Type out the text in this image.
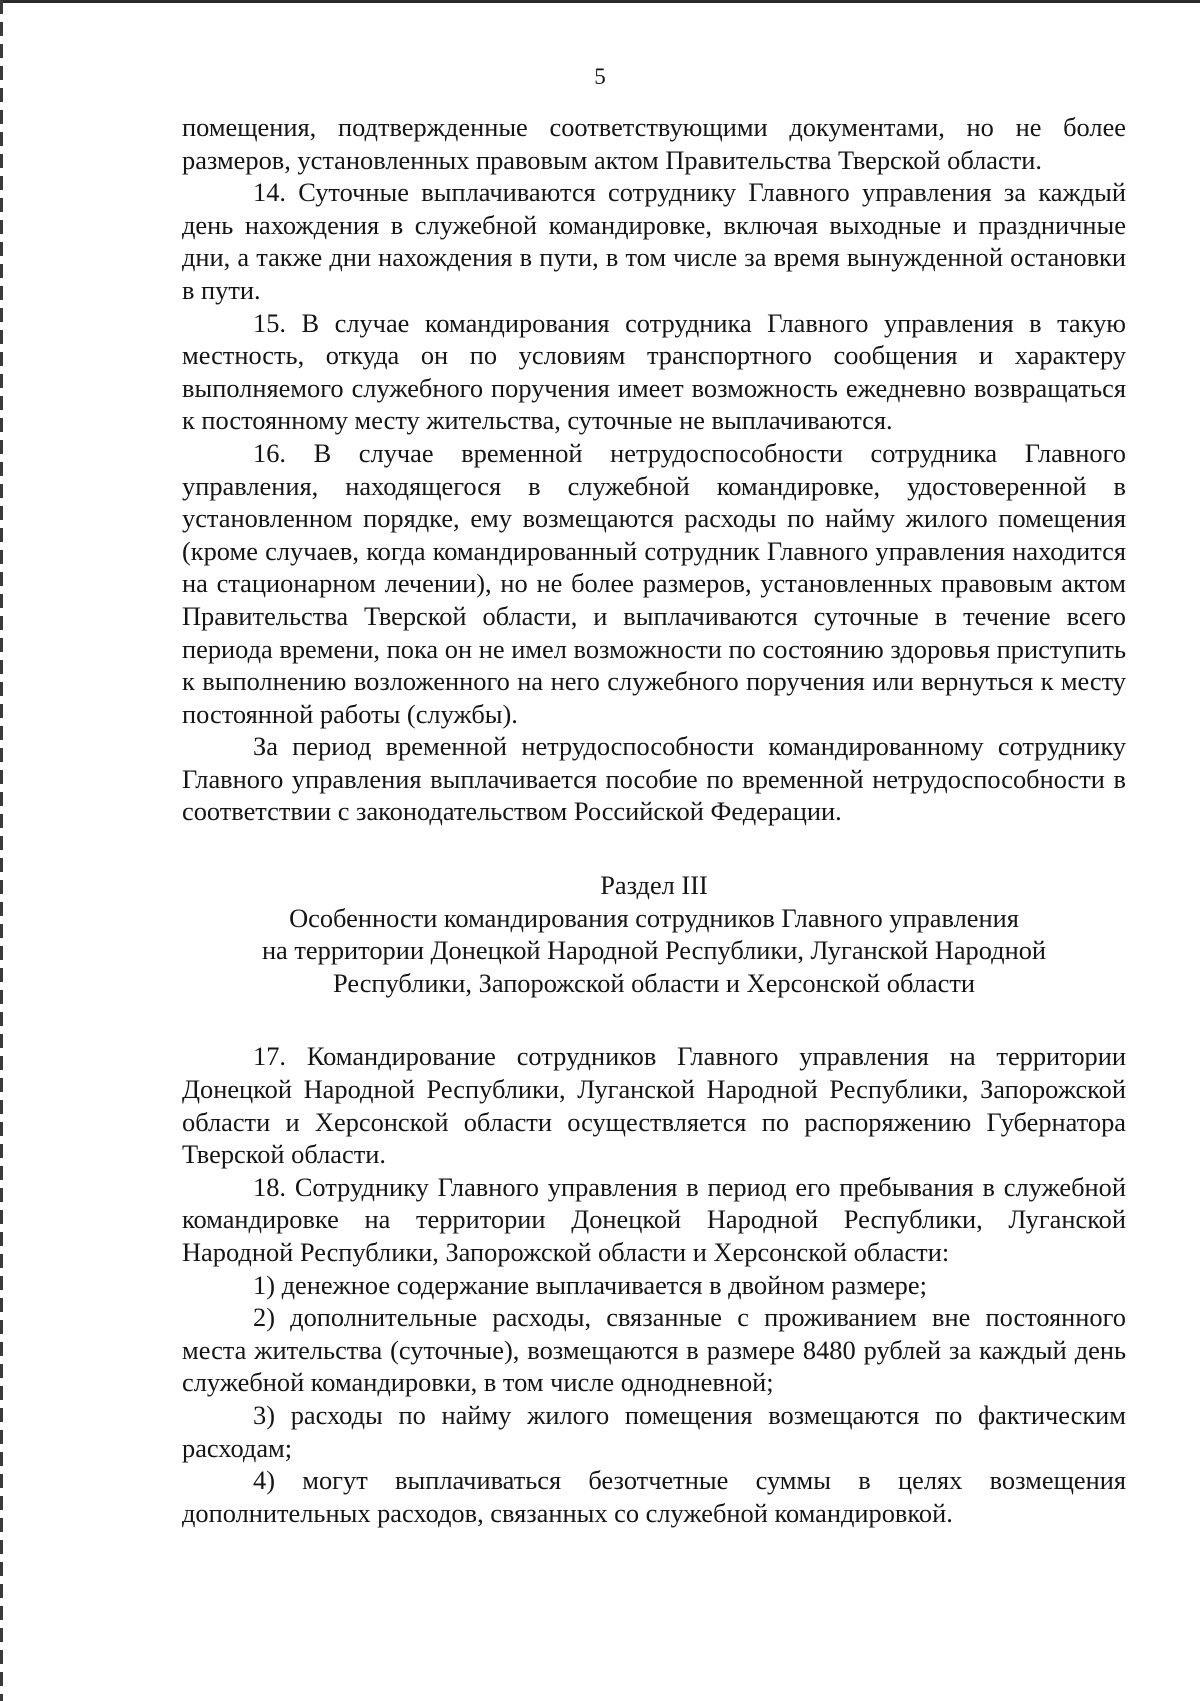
5

помещения, подтвержденные соответствующими документами, но не более размеров, установленных правовым актом Правительства Тверской области.

14. Суточные выплачиваются сотруднику Главного управления за каждый день нахождения в служебной командировке, включая выходные и праздничные дни, а также дни нахождения в пути, в том числе за время вынужденной остановки в пути.

15. В случае командирования сотрудника Главного управления в такую местность, откуда он по условиям транспортного сообщения и характеру выполняемого служебного поручения имеет возможность ежедневно возвращаться к постоянному месту жительства, суточные не выплачиваются.

16. В случае временной нетрудоспособности сотрудника Главного управления, находящегося в служебной командировке, удостоверенной в установленном порядке, ему возмещаются расходы по найму жилого помещения (кроме случаев, когда командированный сотрудник Главного управления находится на стационарном лечении), но не более размеров, установленных правовым актом Правительства Тверской области, и выплачиваются суточные в течение всего периода времени, пока он не имел возможности по состоянию здоровья приступить к выполнению возложенного на него служебного поручения или вернуться к месту постоянной работы (службы).

За период временной нетрудоспособности командированному сотруднику Главного управления выплачивается пособие по временной нетрудоспособности в соответствии с законодательством Российской Федерации.

Раздел III

Особенности командирования сотрудников Главного управления

на территории Донецкой Народной Республики, Луганской Народной

Республики, Запорожской области и Херсонской области

17. Командирование сотрудников Главного управления на территории Донецкой Народной Республики, Луганской Народной Республики, Запорожской области и Херсонской области осуществляется по распоряжению Губернатора Тверской области.

18. Сотруднику Главного управления в период его пребывания в служебной командировке на территории Донецкой Народной Республики, Луганской Народной Республики, Запорожской области и Херсонской области:

1) денежное содержание выплачивается в двойном размере;

2) дополнительные расходы, связанные с проживанием вне постоянного места жительства (суточные), возмещаются в размере 8480 рублей за каждый день служебной командировки, в том числе однодневной;

3) расходы по найму жилого помещения возмещаются по фактическим расходам;

4) могут выплачиваться безотчетные суммы в целях возмещения дополнительных расходов, связанных со служебной командировкой.
